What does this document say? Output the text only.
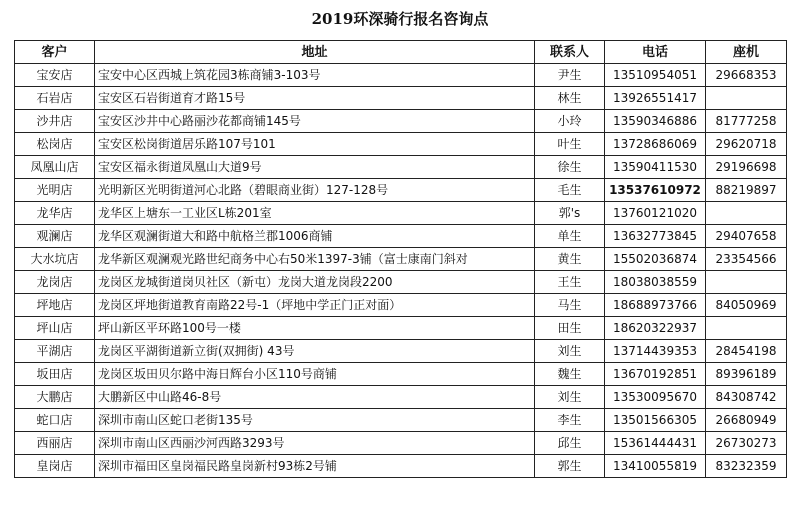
2019环深骑行报名咨询点
客户	地址	联系人	电话	座机
宝安店	宝安中心区西城上筑花园3栋商铺3-103号	尹生	13510954051	29668353
石岩店	宝安区石岩街道育才路15号	林生	13926551417	
沙井店	宝安区沙井中心路丽沙花都商铺145号	小玲	13590346886	81777258
松岗店	宝安区松岗街道居乐路107号101	叶生	13728686069	29620718
凤凰山店	宝安区福永街道凤凰山大道9号	徐生	13590411530	29196698
光明店	光明新区光明街道河心北路（碧眼商业街）127-128号	毛生	13537610972	88219897
龙华店	龙华区上塘东一工业区L栋201室	郭's	13760121020	
观澜店	龙华区观澜街道大和路中航格兰郡1006商铺	单生	13632773845	29407658
大水坑店	龙华新区观澜观光路世纪商务中心右50米1397-3铺（富士康南门斜对	黄生	15502036874	23354566
龙岗店	龙岗区龙城街道岗贝社区（新屯）龙岗大道龙岗段2200	王生	18038038559	
坪地店	龙岗区坪地街道教育南路22号-1（坪地中学正门正对面）	马生	18688973766	84050969
坪山店	坪山新区平环路100号一楼	田生	18620322937	
平湖店	龙岗区平湖街道新立街(双拥街) 43号	刘生	13714439353	28454198
坂田店	龙岗区坂田贝尔路中海日辉台小区110号商铺	魏生	13670192851	89396189
大鹏店	大鹏新区中山路46-8号	刘生	13530095670	84308742
蛇口店	深圳市南山区蛇口老街135号	李生	13501566305	26680949
西丽店	深圳市南山区西丽沙河西路3293号	邱生	15361444431	26730273
皇岗店	深圳市福田区皇岗福民路皇岗新村93栋2号铺	郭生	13410055819	83232359
